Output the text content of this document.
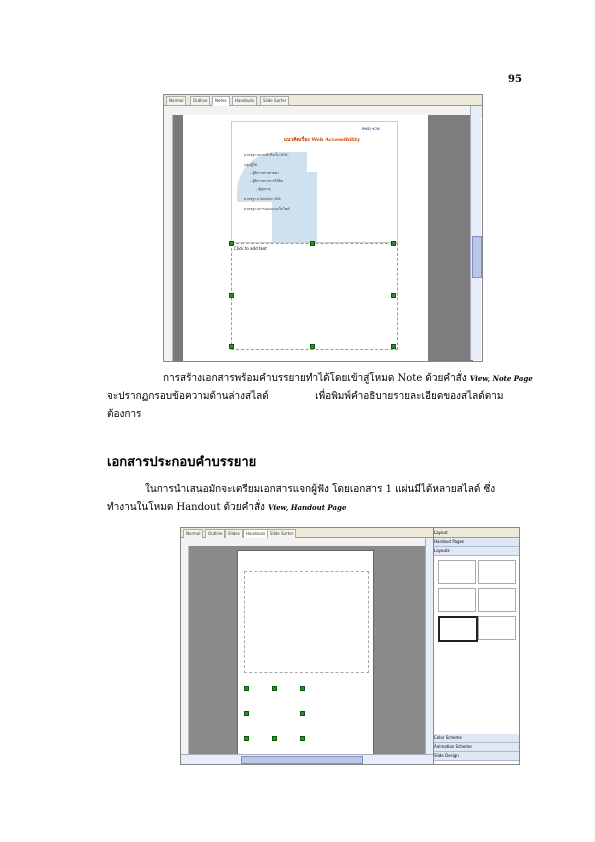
95
Normal	Outline	Notes	Handouts	Slide Sorter
PSU-CN
แนวคิดเรื่อง Web Accessibility
มาตรฐานการเข้าถึงเว็บ W3C
กลุ่มผู้ใช้
- ผู้พิการทางสายตา
- ผู้พิการทางการได้ยิน
- ผู้สูงอายุ
มาตรฐาน Section 508
มาตรฐานการออกแบบเว็บไซต์
Click to add text
การสร้างเอกสารพร้อมคำบรรยายทำได้โดยเข้าสู่โหมด Note ด้วยคำสั่ง View, Note Page
จะปรากฏกรอบข้อความด้านล่างสไลด์	เพื่อพิมพ์คำอธิบายรายละเอียดของสไลด์ตาม
ต้องการ
เอกสารประกอบคำบรรยาย
ในการนำเสนอมักจะเตรียมเอกสารแจกผู้ฟัง โดยเอกสาร 1 แผ่นมีได้หลายสไลด์ ซึ่ง
ทำงานในโหมด Handout ด้วยคำสั่ง View, Handout Page
Normal	Outline	Slides	Handouts	Slide Sorter	Layout
Handout Pages
Layouts
Color Scheme
Animation Scheme
Slide Design
